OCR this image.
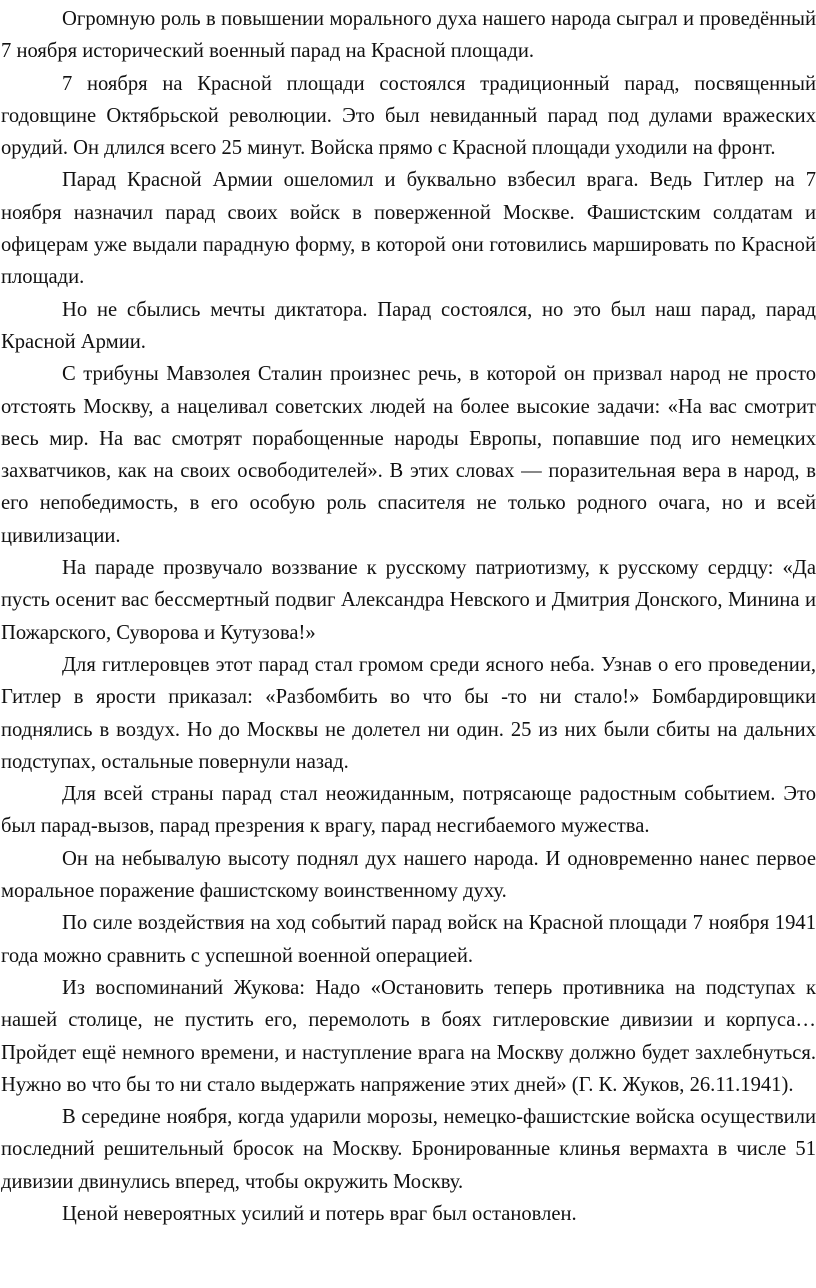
Огромную роль в повышении морального духа нашего народа сыграл и проведённый 7 ноября исторический военный парад на Красной площади.

7 ноября на Красной площади состоялся традиционный парад, посвященный годовщине Октябрьской революции. Это был невиданный парад под дулами вражеских орудий. Он длился всего 25 минут. Войска прямо с Красной площади уходили на фронт.

Парад Красной Армии ошеломил и буквально взбесил врага. Ведь Гитлер на 7 ноября назначил парад своих войск в поверженной Москве. Фашистским солдатам и офицерам уже выдали парадную форму, в которой они готовились маршировать по Красной площади.

Но не сбылись мечты диктатора. Парад состоялся, но это был наш парад, парад Красной Армии.

С трибуны Мавзолея Сталин произнес речь, в которой он призвал народ не просто отстоять Москву, а нацеливал советских людей на более высокие задачи: «На вас смотрит весь мир. На вас смотрят порабощенные народы Европы, попавшие под иго немецких захватчиков, как на своих освободителей». В этих словах — поразительная вера в народ, в его непобедимость, в его особую роль спасителя не только родного очага, но и всей цивилизации.

На параде прозвучало воззвание к русскому патриотизму, к русскому сердцу: «Да пусть осенит вас бессмертный подвиг Александра Невского и Дмитрия Донского, Минина и Пожарского, Суворова и Кутузова!»

Для гитлеровцев этот парад стал громом среди ясного неба. Узнав о его проведении, Гитлер в ярости приказал: «Разбомбить во что бы -то ни стало!» Бомбардировщики поднялись в воздух. Но до Москвы не долетел ни один. 25 из них были сбиты на дальних подступах, остальные повернули назад.

Для всей страны парад стал неожиданным, потрясающе радостным событием. Это был парад-вызов, парад презрения к врагу, парад несгибаемого мужества.

Он на небывалую высоту поднял дух нашего народа. И одновременно нанес первое моральное поражение фашистскому воинственному духу.

По силе воздействия на ход событий парад войск на Красной площади 7 ноября 1941 года можно сравнить с успешной военной операцией.

Из воспоминаний Жукова: Надо «Остановить теперь противника на подступах к нашей столице, не пустить его, перемолоть в боях гитлеровские дивизии и корпуса… Пройдет ещё немного времени, и наступление врага на Москву должно будет захлебнуться. Нужно во что бы то ни стало выдержать напряжение этих дней» (Г. К. Жуков, 26.11.1941).

В середине ноября, когда ударили морозы, немецко-фашистские войска осуществили последний решительный бросок на Москву. Бронированные клинья вермахта в числе 51 дивизии двинулись вперед, чтобы окружить Москву.

Ценой невероятных усилий и потерь враг был остановлен.
